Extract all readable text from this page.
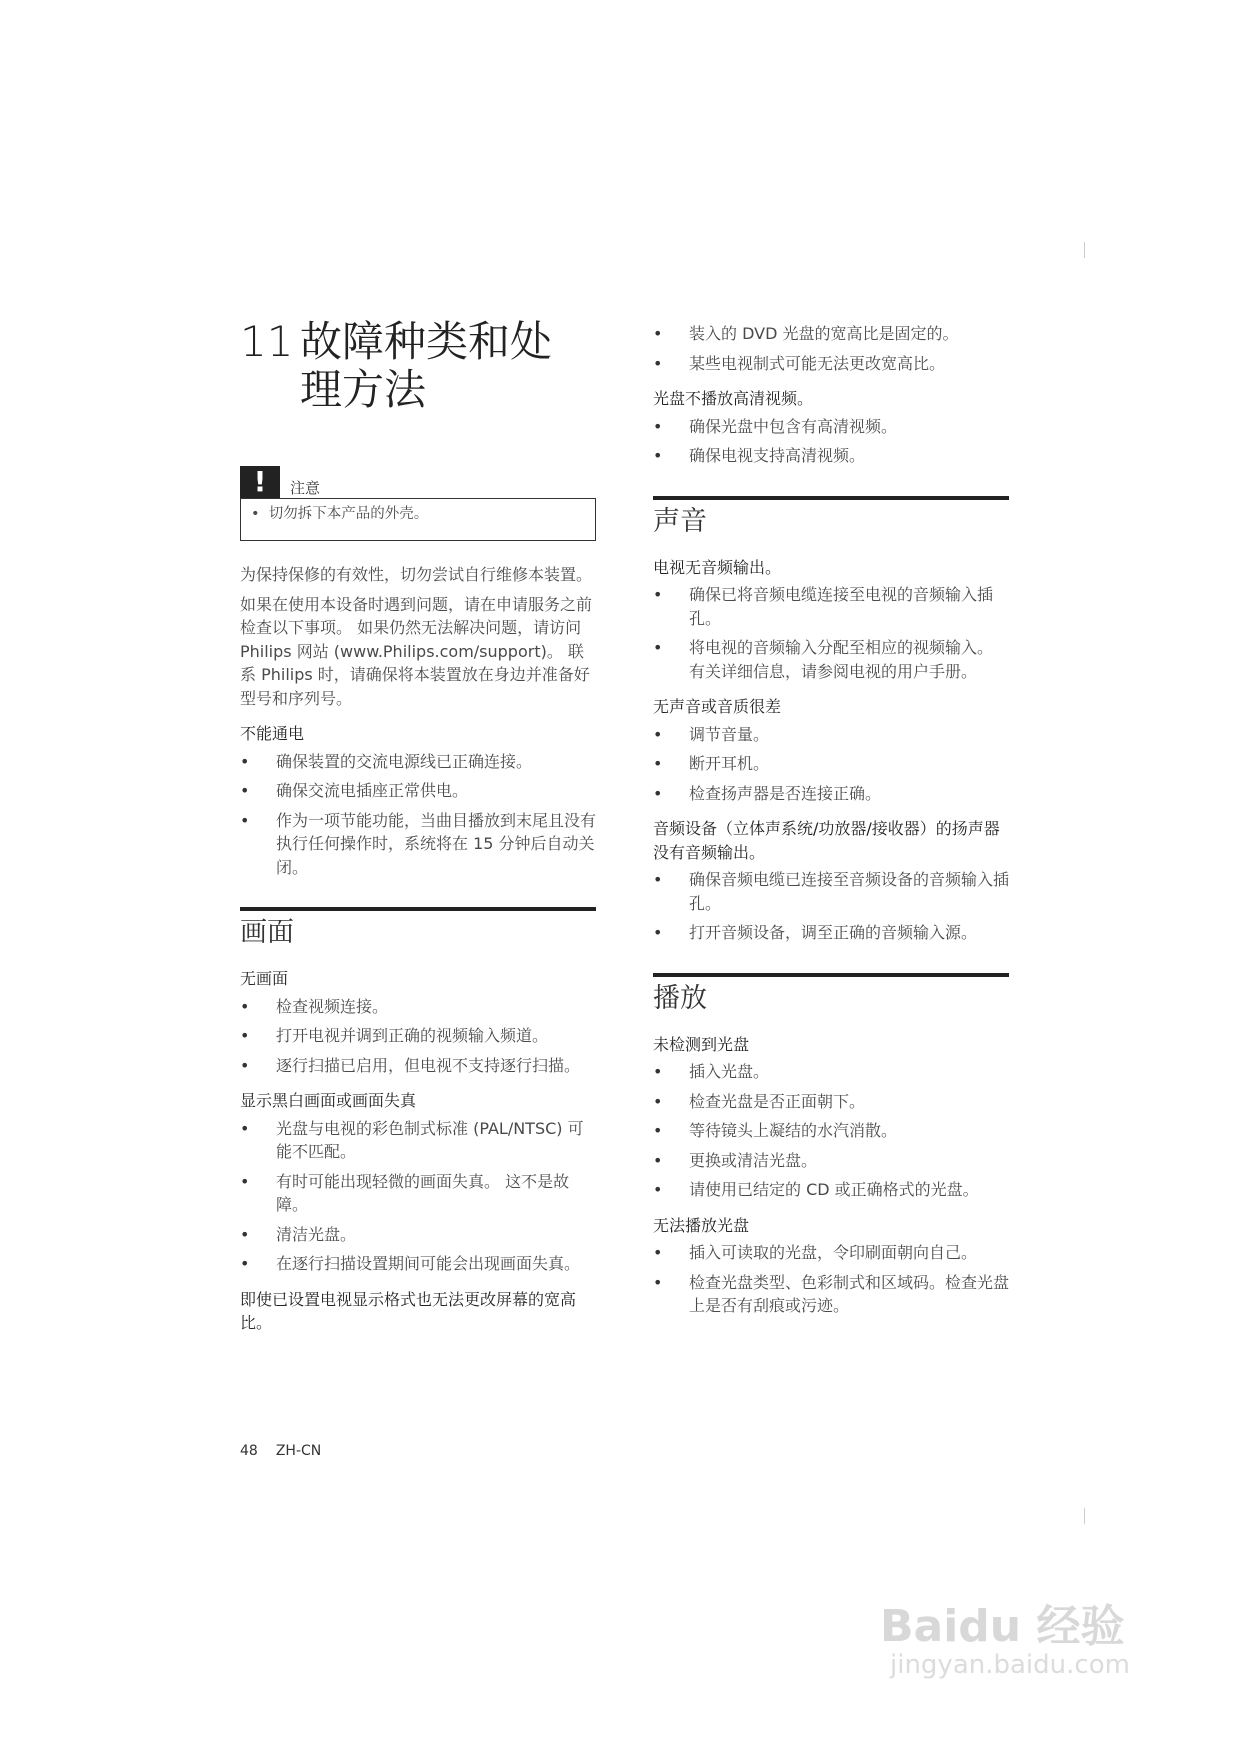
11 故障种类和处
理方法
!	注意
•  切勿拆下本产品的外壳。

为保持保修的有效性，切勿尝试自行维修本装置。

如果在使用本设备时遇到问题，请在申请服务之前检查以下事项。 如果仍然无法解决问题，请访问 Philips 网站 (www.Philips.com/support)。 联系 Philips 时，请确保将本装置放在身边并准备好型号和序列号。

不能通电
• 确保装置的交流电源线已正确连接。
• 确保交流电插座正常供电。
• 作为一项节能功能，当曲目播放到末尾且没有执行任何操作时，系统将在 15 分钟后自动关闭。
画面
无画面
• 检查视频连接。
• 打开电视并调到正确的视频输入频道。
• 逐行扫描已启用，但电视不支持逐行扫描。
显示黑白画面或画面失真
• 光盘与电视的彩色制式标准 (PAL/NTSC) 可能不匹配。
• 有时可能出现轻微的画面失真。 这不是故障。
• 清洁光盘。
• 在逐行扫描设置期间可能会出现画面失真。
即使已设置电视显示格式也无法更改屏幕的宽高比。
• 装入的 DVD 光盘的宽高比是固定的。
• 某些电视制式可能无法更改宽高比。
光盘不播放高清视频。
• 确保光盘中包含有高清视频。
• 确保电视支持高清视频。
声音
电视无音频输出。
• 确保已将音频电缆连接至电视的音频输入插孔。
• 将电视的音频输入分配至相应的视频输入。 有关详细信息，请参阅电视的用户手册。
无声音或音质很差
• 调节音量。
• 断开耳机。
• 检查扬声器是否连接正确。
音频设备（立体声系统/功放器/接收器）的扬声器没有音频输出。
• 确保音频电缆已连接至音频设备的音频输入插孔。
• 打开音频设备，调至正确的音频输入源。
播放
未检测到光盘
• 插入光盘。
• 检查光盘是否正面朝下。
• 等待镜头上凝结的水汽消散。
• 更换或清洁光盘。
• 请使用已结定的 CD 或正确格式的光盘。
无法播放光盘
• 插入可读取的光盘，令印刷面朝向自己。
• 检查光盘类型、色彩制式和区域码。检查光盘上是否有刮痕或污迹。
48 ZH-CN
Baidu 经验
jingyan.baidu.com
